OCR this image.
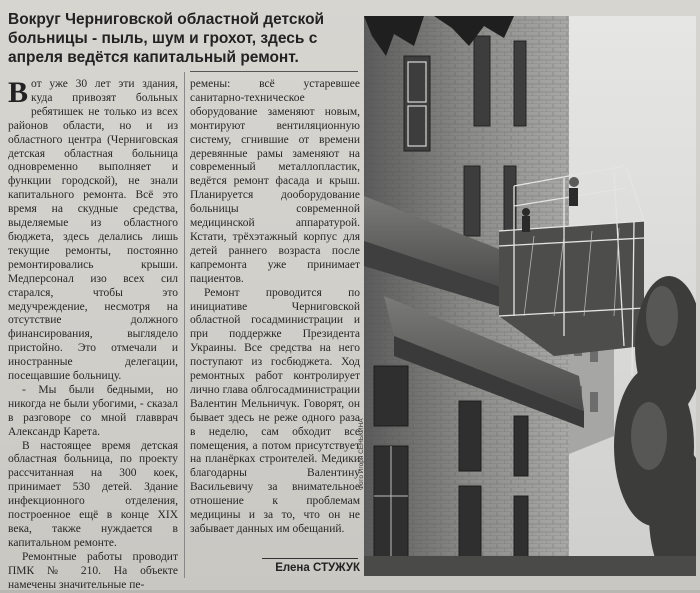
Вокруг Черниговской областной детской больницы - пыль, шум и грохот, здесь с апреля ведётся капитальный ремонт.

Вот уже 30 лет эти здания, куда привозят больных ребятишек не только из всех районов области, но и из областного центра (Черниговская детская областная больница одновременно выполняет и функции городской), не знали капитального ремонта. Всё это время на скудные средства, выделяемые из областного бюджета, здесь делались лишь текущие ремонты, постоянно ремонтировались крыши. Медперсонал изо всех сил старался, чтобы это медучреждение, несмотря на отсутствие должного финансирования, выглядело пристойно. Это отмечали и иностранные делегации, посещавшие больницу.

- Мы были бедными, но никогда не были убогими, - сказал в разговоре со мной главврач Александр Карета.

В настоящее время детская областная больница, по проекту рассчитанная на 300 коек, принимает 530 детей. Здание инфекционного отделения, построенное ещё в конце XIX века, также нуждается в капитальном ремонте.

Ремонтные работы проводит ПМК № 210. На объекте намечены значительные пе-

ремены: всё устаревшее санитарно-техническое оборудование заменяют новым, монтируют вентиляционную систему, сгнившие от времени деревянные рамы заменяют на современный металлопластик, ведётся ремонт фасада и крыш. Планируется дооборудование больницы современной медицинской аппаратурой. Кстати, трёхэтажный корпус для детей раннего возраста после капремонта уже принимает пациентов.

Ремонт проводится по инициативе Черниговской областной госадминистрации и при поддержке Президента Украины. Все средства на него поступают из госбюджета. Ход ремонтных работ контролирует лично глава облгосадминистрации Валентин Мельничук. Говорят, он бывает здесь не реже одного раза в неделю, сам обходит все помещения, а потом присутствует на планёрках строителей. Медики благодарны Валентину Васильевичу за внимательное отношение к проблемам медицины и за то, что он не забывает данных им обещаний.

Елена СТУЖУК
Фото Игоря СЕНЬКИНА
